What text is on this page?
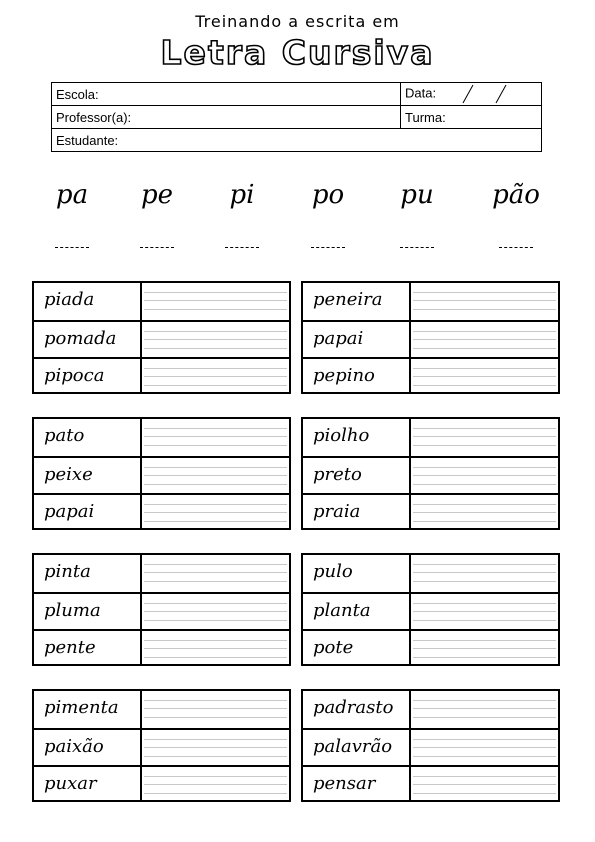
Treinando a escrita em
Letra Cursiva
Escola:	Data:
Professor(a):	Turma:
Estudante:	
pa	pe	pi	po	pu	pão
piada
pomada
pipoca
peneira
papai
pepino
pato
peixe
papai
piolho
preto
praia
pinta
pluma
pente
pulo
planta
pote
pimenta
paixão
puxar
padrasto
palavrão
pensar
